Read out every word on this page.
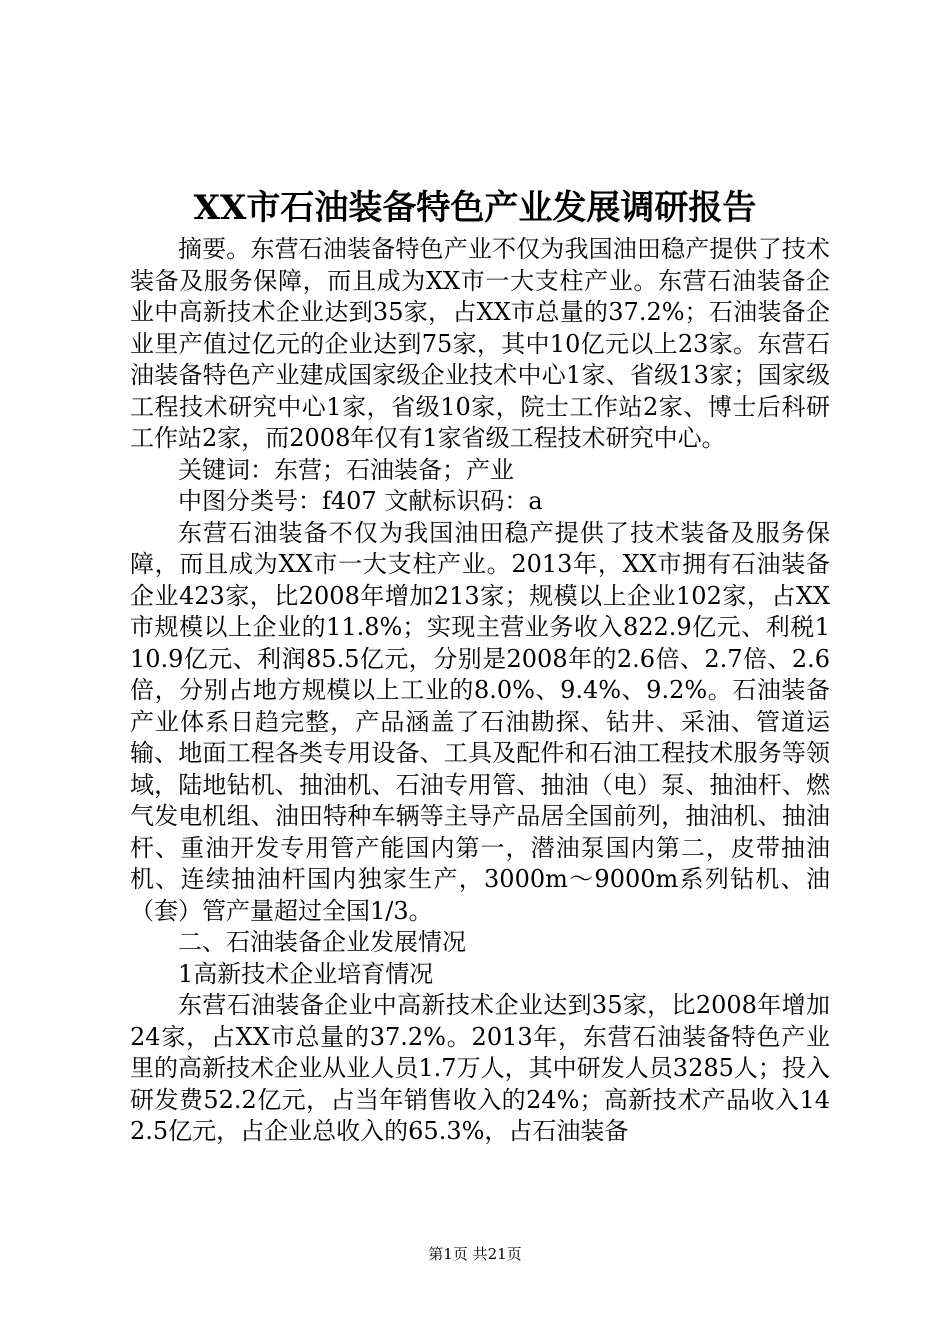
XX市石油装备特色产业发展调研报告

摘要。东营石油装备特色产业不仅为我国油田稳产提供了技术装备及服务保障，而且成为XX市一大支柱产业。东营石油装备企业中高新技术企业达到35家，占XX市总量的37.2%；石油装备企业里产值过亿元的企业达到75家，其中10亿元以上23家。东营石油装备特色产业建成国家级企业技术中心1家、省级13家；国家级工程技术研究中心1家，省级10家，院士工作站2家、博士后科研工作站2家，而2008年仅有1家省级工程技术研究中心。

关键词：东营；石油装备；产业

中图分类号：f407 文献标识码：a

东营石油装备不仅为我国油田稳产提供了技术装备及服务保障，而且成为XX市一大支柱产业。2013年，XX市拥有石油装备企业423家，比2008年增加213家；规模以上企业102家，占XX市规模以上企业的11.8%；实现主营业务收入822.9亿元、利税110.9亿元、利润85.5亿元，分别是2008年的2.6倍、2.7倍、2.6倍，分别占地方规模以上工业的8.0%、9.4%、9.2%。石油装备产业体系日趋完整，产品涵盖了石油勘探、钻井、采油、管道运输、地面工程各类专用设备、工具及配件和石油工程技术服务等领域，陆地钻机、抽油机、石油专用管、抽油（电）泵、抽油杆、燃气发电机组、油田特种车辆等主导产品居全国前列，抽油机、抽油杆、重油开发专用管产能国内第一，潜油泵国内第二，皮带抽油机、连续抽油杆国内独家生产，3000m～9000m系列钻机、油（套）管产量超过全国1/3。

二、石油装备企业发展情况

1高新技术企业培育情况

东营石油装备企业中高新技术企业达到35家，比2008年增加24家，占XX市总量的37.2%。2013年，东营石油装备特色产业里的高新技术企业从业人员1.7万人，其中研发人员3285人；投入研发费52.2亿元，占当年销售收入的24%；高新技术产品收入142.5亿元，占企业总收入的65.3%，占石油装备

第1页 共21页
